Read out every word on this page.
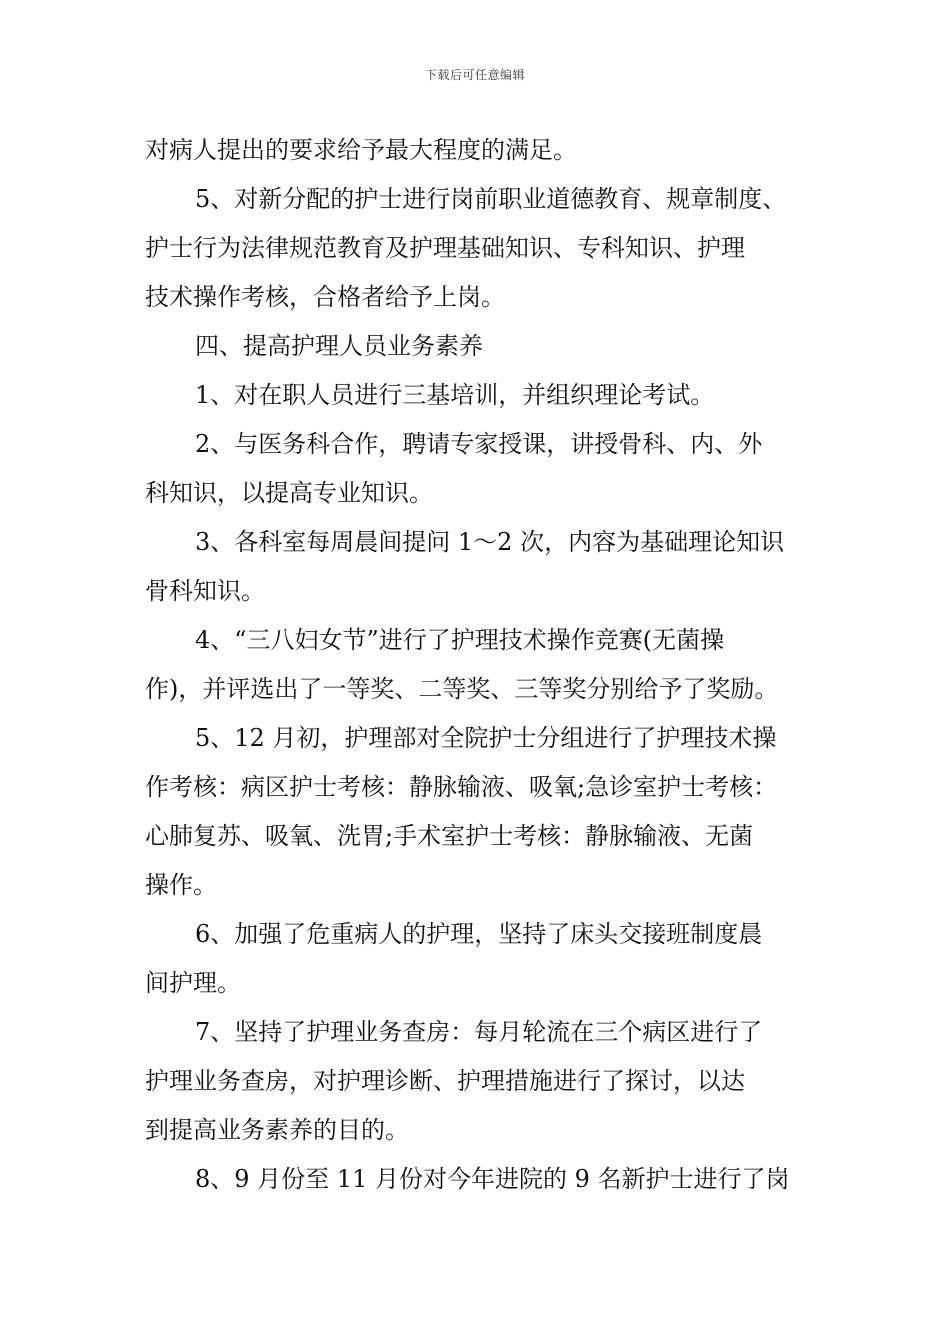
下载后可任意编辑
对病人提出的要求给予最大程度的满足。
5、对新分配的护士进行岗前职业道德教育、规章制度、
护士行为法律规范教育及护理基础知识、专科知识、护理
技术操作考核，合格者给予上岗。
四、提高护理人员业务素养
1、对在职人员进行三基培训，并组织理论考试。
2、与医务科合作，聘请专家授课，讲授骨科、内、外
科知识，以提高专业知识。
3、各科室每周晨间提问 1～2 次，内容为基础理论知识
骨科知识。
4、“三八妇女节”进行了护理技术操作竞赛(无菌操
作)，并评选出了一等奖、二等奖、三等奖分别给予了奖励。
5、12 月初，护理部对全院护士分组进行了护理技术操
作考核：病区护士考核：静脉输液、吸氧;急诊室护士考核：
心肺复苏、吸氧、洗胃;手术室护士考核：静脉输液、无菌
操作。
6、加强了危重病人的护理，坚持了床头交接班制度晨
间护理。
7、坚持了护理业务查房：每月轮流在三个病区进行了
护理业务查房，对护理诊断、护理措施进行了探讨，以达
到提高业务素养的目的。
8、9 月份至 11 月份对今年进院的 9 名新护士进行了岗
